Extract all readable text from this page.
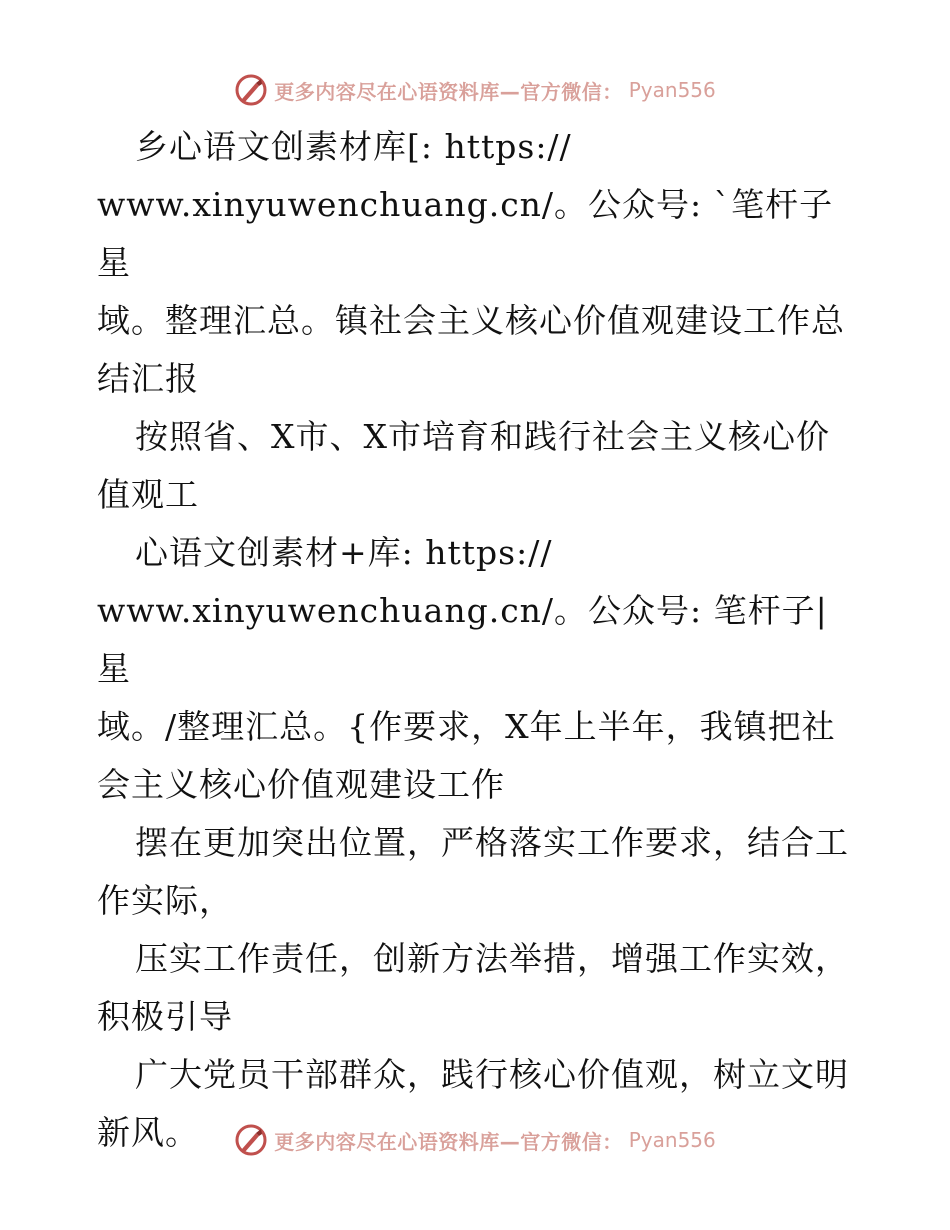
更多内容尽在心语资料库—官方微信： Pyan556

乡心语文创素材库[: https://
www.xinyuwenchuang.cn/。公众号: `笔杆子星
域。整理汇总。镇社会主义核心价值观建设工作总
结汇报

按照省、X市、X市培育和践行社会主义核心价
值观工

心语文创素材+库: https://
www.xinyuwenchuang.cn/。公众号: 笔杆子|星
域。/整理汇总。{作要求，X年上半年，我镇把社
会主义核心价值观建设工作

摆在更加突出位置，严格落实工作要求，结合工
作实际，

压实工作责任，创新方法举措，增强工作实效，
积极引导

广大党员干部群众，践行核心价值观，树立文明
新风。	更多内容尽在心语资料库—官方微信： Pyan556
